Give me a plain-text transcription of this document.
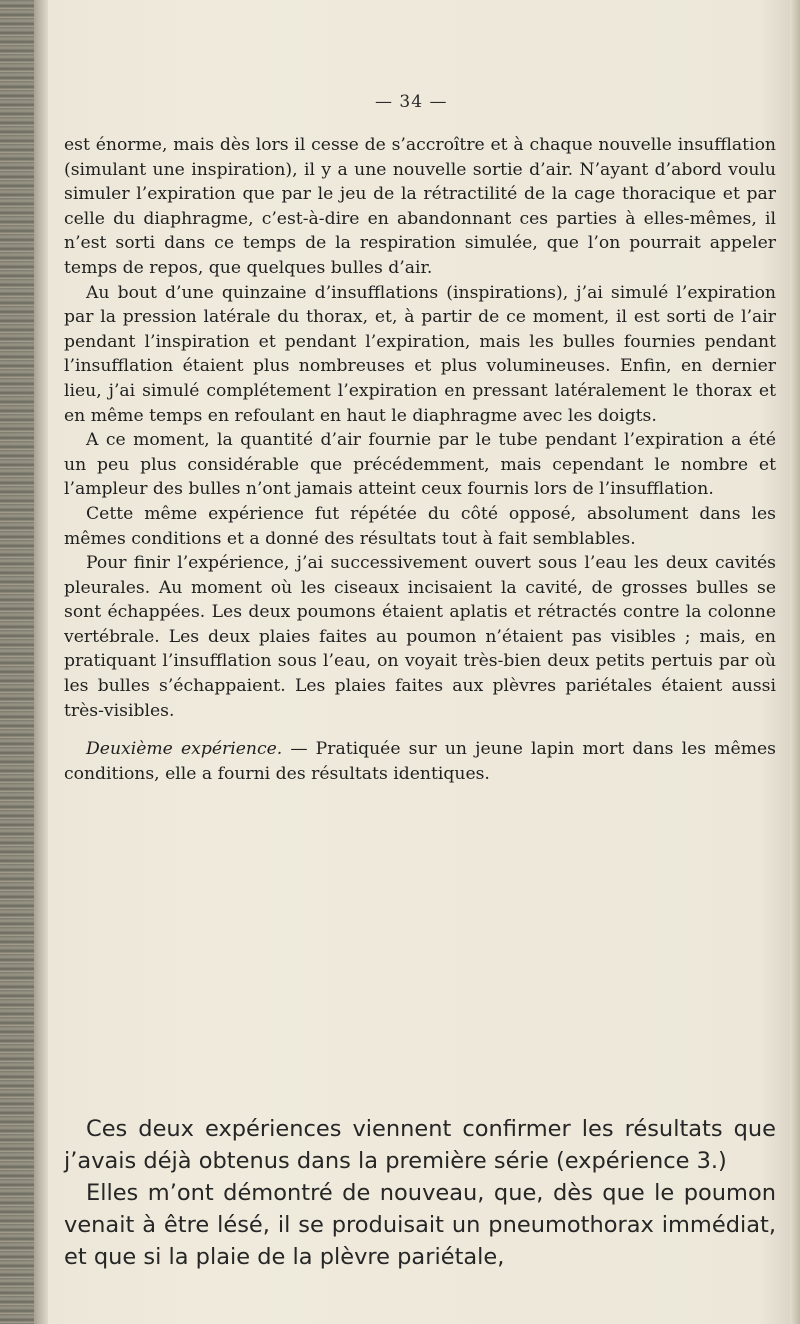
— 34 —

est énorme, mais dès lors il cesse de s’accroître et à chaque nouvelle insufflation (simulant une inspiration), il y a une nouvelle sortie d’air. N’ayant d’abord voulu simuler l’expiration que par le jeu de la rétractilité de la cage thoracique et par celle du diaphragme, c’est-à-dire en abandonnant ces parties à elles-mêmes, il n’est sorti dans ce temps de la respiration simulée, que l’on pourrait appeler temps de repos, que quelques bulles d’air.

Au bout d’une quinzaine d’insufflations (inspirations), j’ai simulé l’expiration par la pression latérale du thorax, et, à partir de ce moment, il est sorti de l’air pendant l’inspiration et pendant l’expiration, mais les bulles fournies pendant l’insufflation étaient plus nombreuses et plus volumineuses. Enfin, en dernier lieu, j’ai simulé complétement l’expiration en pressant latéralement le thorax et en même temps en refoulant en haut le diaphragme avec les doigts.

A ce moment, la quantité d’air fournie par le tube pendant l’expiration a été un peu plus considérable que précédemment, mais cependant le nombre et l’ampleur des bulles n’ont jamais atteint ceux fournis lors de l’insufflation.

Cette même expérience fut répétée du côté opposé, absolument dans les mêmes conditions et a donné des résultats tout à fait semblables.

Pour finir l’expérience, j’ai successivement ouvert sous l’eau les deux cavités pleurales. Au moment où les ciseaux incisaient la cavité, de grosses bulles se sont échappées. Les deux poumons étaient aplatis et rétractés contre la colonne vertébrale. Les deux plaies faites au poumon n’étaient pas visibles ; mais, en pratiquant l’insufflation sous l’eau, on voyait très-bien deux petits pertuis par où les bulles s’échappaient. Les plaies faites aux plèvres pariétales étaient aussi très-visibles.

Deuxième expérience. — Pratiquée sur un jeune lapin mort dans les mêmes conditions, elle a fourni des résultats identiques.

Ces deux expériences viennent confirmer les résultats que j’avais déjà obtenus dans la première série (expérience 3.)

Elles m’ont démontré de nouveau, que, dès que le poumon venait à être lésé, il se produisait un pneumothorax immédiat, et que si la plaie de la plèvre pariétale,
